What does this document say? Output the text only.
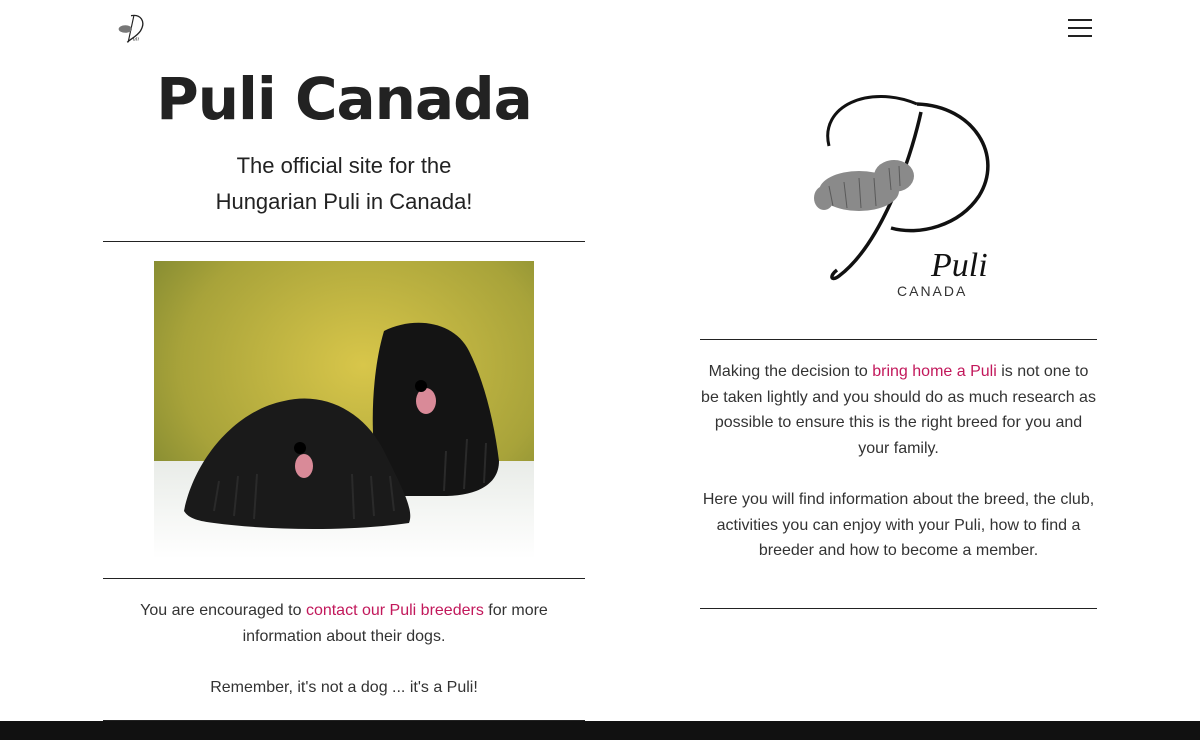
uli
Puli Canada
The official site for the
Hungarian Puli in Canada!

You are encouraged to contact our Puli breeders for more information about their dogs.

Remember, it's not a dog ... it's a Puli!

Puli
CANADA

Making the decision to bring home a Puli is not one to be taken lightly and you should do as much research as possible to ensure this is the right breed for you and your family.

Here you will find information about the breed, the club, activities you can enjoy with your Puli, how to find a breeder and how to become a member.
